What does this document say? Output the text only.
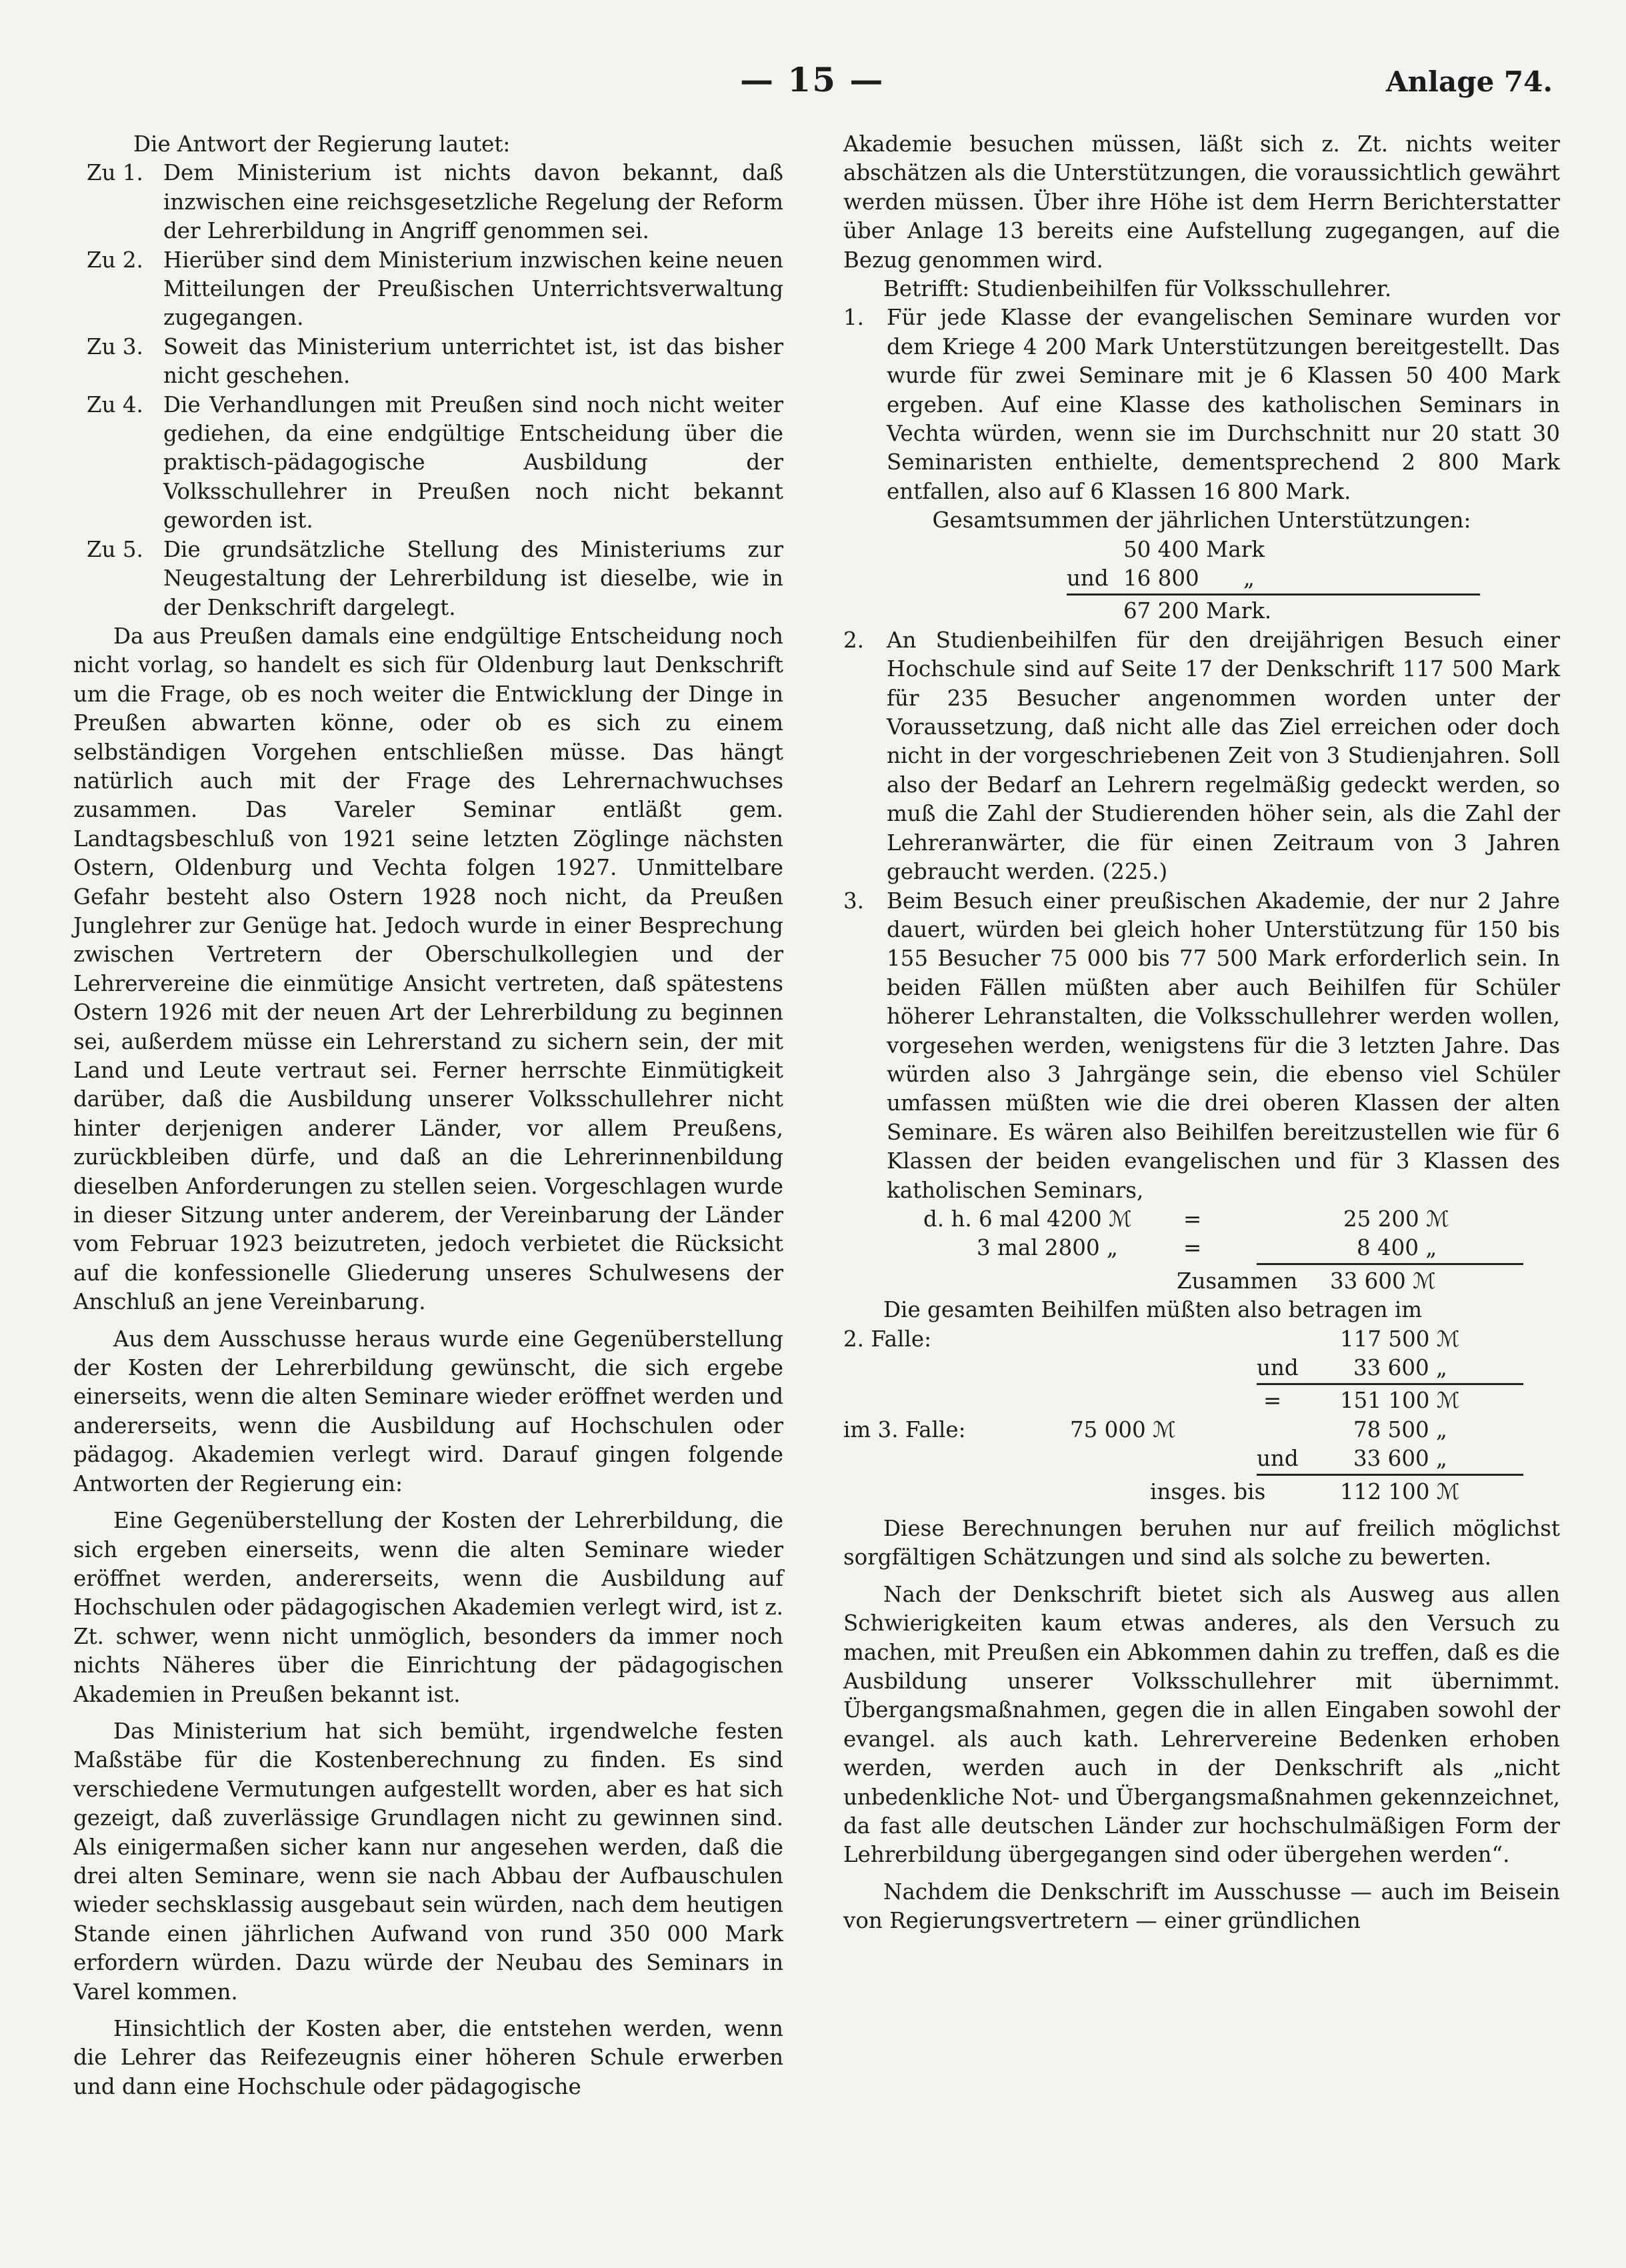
— 15 —	Anlage 74.

Die Antwort der Regierung lautet:

Zu 1. Dem Ministerium ist nichts davon bekannt, daß inzwischen eine reichsgesetzliche Regelung der Reform der Lehrerbildung in Angriff genommen sei.

Zu 2. Hierüber sind dem Ministerium inzwischen keine neuen Mitteilungen der Preußischen Unterrichtsverwaltung zugegangen.

Zu 3. Soweit das Ministerium unterrichtet ist, ist das bisher nicht geschehen.

Zu 4. Die Verhandlungen mit Preußen sind noch nicht weiter gediehen, da eine endgültige Entscheidung über die praktisch-pädagogische Ausbildung der Volksschullehrer in Preußen noch nicht bekannt geworden ist.

Zu 5. Die grundsätzliche Stellung des Ministeriums zur Neugestaltung der Lehrerbildung ist dieselbe, wie in der Denkschrift dargelegt.

Da aus Preußen damals eine endgültige Entscheidung noch nicht vorlag, so handelt es sich für Oldenburg laut Denkschrift um die Frage, ob es noch weiter die Entwicklung der Dinge in Preußen abwarten könne, oder ob es sich zu einem selbständigen Vorgehen entschließen müsse. Das hängt natürlich auch mit der Frage des Lehrernachwuchses zusammen. Das Vareler Seminar entläßt gem. Landtagsbeschluß von 1921 seine letzten Zöglinge nächsten Ostern, Oldenburg und Vechta folgen 1927. Unmittelbare Gefahr besteht also Ostern 1928 noch nicht, da Preußen Junglehrer zur Genüge hat. Jedoch wurde in einer Besprechung zwischen Vertretern der Oberschulkollegien und der Lehrervereine die einmütige Ansicht vertreten, daß spätestens Ostern 1926 mit der neuen Art der Lehrerbildung zu beginnen sei, außerdem müsse ein Lehrerstand zu sichern sein, der mit Land und Leute vertraut sei. Ferner herrschte Einmütigkeit darüber, daß die Ausbildung unserer Volksschullehrer nicht hinter derjenigen anderer Länder, vor allem Preußens, zurückbleiben dürfe, und daß an die Lehrerinnenbildung dieselben Anforderungen zu stellen seien. Vorgeschlagen wurde in dieser Sitzung unter anderem, der Vereinbarung der Länder vom Februar 1923 beizutreten, jedoch verbietet die Rücksicht auf die konfessionelle Gliederung unseres Schulwesens der Anschluß an jene Vereinbarung.

Aus dem Ausschusse heraus wurde eine Gegenüberstellung der Kosten der Lehrerbildung gewünscht, die sich ergebe einerseits, wenn die alten Seminare wieder eröffnet werden und andererseits, wenn die Ausbildung auf Hochschulen oder pädagog. Akademien verlegt wird. Darauf gingen folgende Antworten der Regierung ein:

Eine Gegenüberstellung der Kosten der Lehrerbildung, die sich ergeben einerseits, wenn die alten Seminare wieder eröffnet werden, andererseits, wenn die Ausbildung auf Hochschulen oder pädagogischen Akademien verlegt wird, ist z. Zt. schwer, wenn nicht unmöglich, besonders da immer noch nichts Näheres über die Einrichtung der pädagogischen Akademien in Preußen bekannt ist.

Das Ministerium hat sich bemüht, irgendwelche festen Maßstäbe für die Kostenberechnung zu finden. Es sind verschiedene Vermutungen aufgestellt worden, aber es hat sich gezeigt, daß zuverlässige Grundlagen nicht zu gewinnen sind. Als einigermaßen sicher kann nur angesehen werden, daß die drei alten Seminare, wenn sie nach Abbau der Aufbauschulen wieder sechsklassig ausgebaut sein würden, nach dem heutigen Stande einen jährlichen Aufwand von rund 350 000 Mark erfordern würden. Dazu würde der Neubau des Seminars in Varel kommen.

Hinsichtlich der Kosten aber, die entstehen werden, wenn die Lehrer das Reifezeugnis einer höheren Schule erwerben und dann eine Hochschule oder pädagogische

Akademie besuchen müssen, läßt sich z. Zt. nichts weiter abschätzen als die Unterstützungen, die voraussichtlich gewährt werden müssen. Über ihre Höhe ist dem Herrn Berichterstatter über Anlage 13 bereits eine Aufstellung zugegangen, auf die Bezug genommen wird.

Betrifft: Studienbeihilfen für Volksschullehrer.

1. Für jede Klasse der evangelischen Seminare wurden vor dem Kriege 4 200 Mark Unterstützungen bereitgestellt. Das wurde für zwei Seminare mit je 6 Klassen 50 400 Mark ergeben. Auf eine Klasse des katholischen Seminars in Vechta würden, wenn sie im Durchschnitt nur 20 statt 30 Seminaristen enthielte, dementsprechend 2 800 Mark entfallen, also auf 6 Klassen 16 800 Mark.

Gesamtsummen der jährlichen Unterstützungen:

50 400 Mark
und 16 800 „
67 200 Mark.
2. An Studienbeihilfen für den dreijährigen Besuch einer Hochschule sind auf Seite 17 der Denkschrift 117 500 Mark für 235 Besucher angenommen worden unter der Voraussetzung, daß nicht alle das Ziel erreichen oder doch nicht in der vorgeschriebenen Zeit von 3 Studienjahren. Soll also der Bedarf an Lehrern regelmäßig gedeckt werden, so muß die Zahl der Studierenden höher sein, als die Zahl der Lehreranwärter, die für einen Zeitraum von 3 Jahren gebraucht werden. (225.)

3. Beim Besuch einer preußischen Akademie, der nur 2 Jahre dauert, würden bei gleich hoher Unterstützung für 150 bis 155 Besucher 75 000 bis 77 500 Mark erforderlich sein. In beiden Fällen müßten aber auch Beihilfen für Schüler höherer Lehranstalten, die Volksschullehrer werden wollen, vorgesehen werden, wenigstens für die 3 letzten Jahre. Das würden also 3 Jahrgänge sein, die ebenso viel Schüler umfassen müßten wie die drei oberen Klassen der alten Seminare. Es wären also Beihilfen bereitzustellen wie für 6 Klassen der beiden evangelischen und für 3 Klassen des katholischen Seminars,

d. h. 6 mal 4200 ℳ =	25 200 ℳ
3 mal 2800 „	=	8 400 „
Zusammen 33 600 ℳ

Die gesamten Beihilfen müßten also betragen im

2. Falle:	117 500 ℳ
und	33 600 „
=	151 100 ℳ
im 3. Falle:	75 000 ℳ	78 500 „
und	33 600 „
insges. bis	112 100 ℳ

Diese Berechnungen beruhen nur auf freilich möglichst sorgfältigen Schätzungen und sind als solche zu bewerten.

Nach der Denkschrift bietet sich als Ausweg aus allen Schwierigkeiten kaum etwas anderes, als den Versuch zu machen, mit Preußen ein Abkommen dahin zu treffen, daß es die Ausbildung unserer Volksschullehrer mit übernimmt. Übergangsmaßnahmen, gegen die in allen Eingaben sowohl der evangel. als auch kath. Lehrervereine Bedenken erhoben werden, werden auch in der Denkschrift als „nicht unbedenkliche Not- und Übergangsmaßnahmen gekennzeichnet, da fast alle deutschen Länder zur hochschulmäßigen Form der Lehrerbildung übergegangen sind oder übergehen werden“.

Nachdem die Denkschrift im Ausschusse — auch im Beisein von Regierungsvertretern — einer gründlichen
